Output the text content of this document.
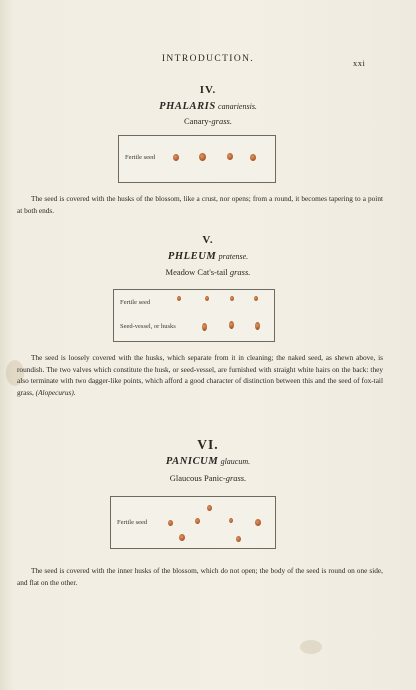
INTRODUCTION.	xxi
IV.
PHALARIS canariensis.
Canary-grass.
Fertile seed
The seed is covered with the husks of the blossom, like a crust, nor opens; from a round, it becomes tapering to a point at both ends.
V.
PHLEUM pratense.
Meadow Cat's-tail grass.
Fertile seed
Seed-vessel, or husks
The seed is loosely covered with the husks, which separate from it in cleaning; the naked seed, as shewn above, is roundish. The two valves which constitute the husk, or seed-vessel, are furnished with straight white hairs on the back: they also terminate with two dagger-like points, which afford a good character of distinction between this and the seed of fox-tail grass, (Alopecurus).
VI.
PANICUM glaucum.
Glaucous Panic-grass.
Fertile seed
The seed is covered with the inner husks of the blossom, which do not open; the body of the seed is round on one side, and flat on the other.
